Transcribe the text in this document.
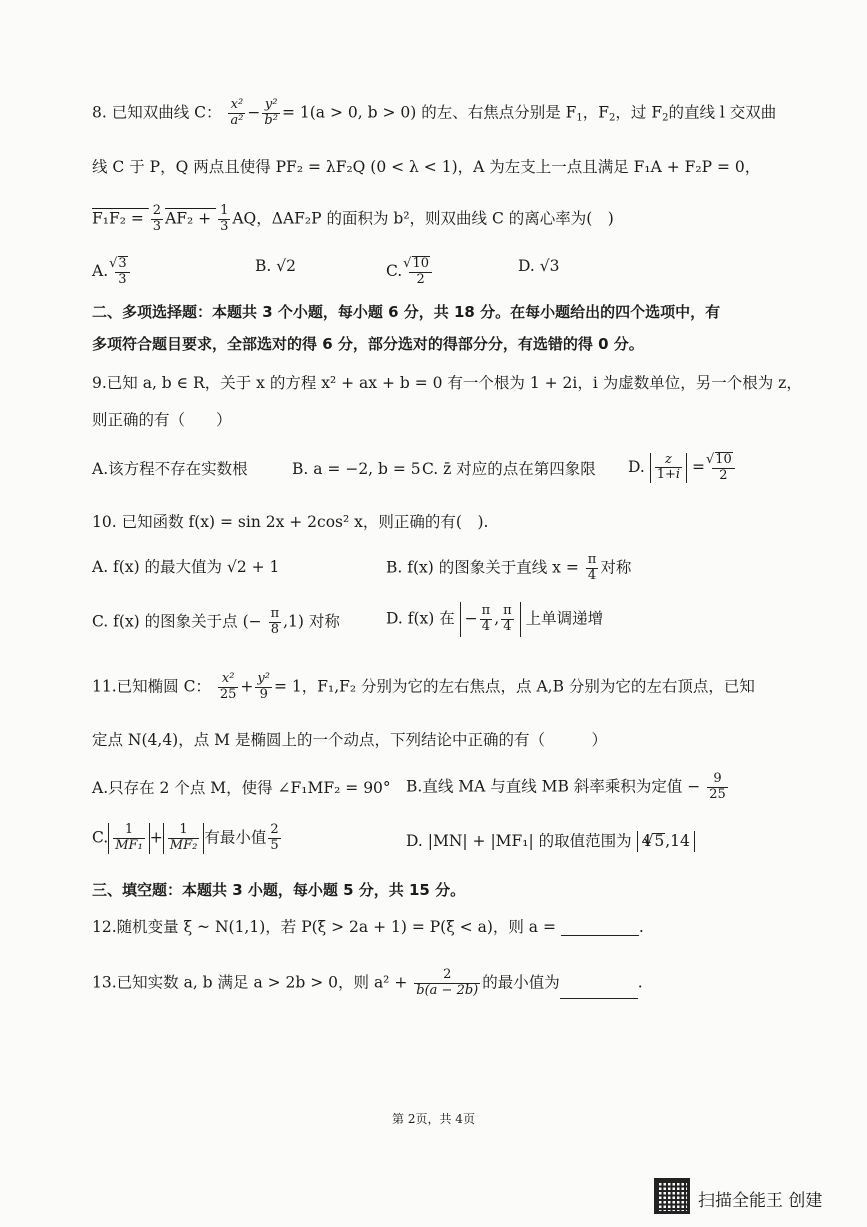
8. 已知双曲线 C： $\frac{\text{x²}}{\text{a²}} - \frac{\text{y²}}{\text{b²}} = 1(a > 0$, b > 0) 的左、右焦点分别是 $F_1$，$F_2$，过 $F_2$的直线 l 交双曲
线 C 于 P，Q 两点且使得 PF₂ = λF₂Q (0 < λ < 1)，A 为左支上一点且满足 F₁A + F₂P = 0，
$F_1F_2 = \frac{2}{3} AF_2 + \frac{1}{3}$ AQ，ΔAF₂P 的面积为 b²，则双曲线 C 的离心率为(　)
A. √ $\frac{3}{3}$	B. √2	C. √ $\frac{10}{2}$	D. √3
二、多项选择题：本题共 3 个小题，每小题 6 分，共 18 分。在每小题给出的四个选项中，有
多项符合题目要求，全部选对的得 6 分，部分选对的得部分分，有选错的得 0 分。
9.已知 a, b ∈ R，关于 x 的方程 x² + ax + b = 0 有一个根为 1 + 2i，i 为虚数单位，另一个根为 z，
则正确的有（　　）
A.该方程不存在实数根	B. a = −2, b = 5 C. z̄ 对应的点在第四象限 D. $\frac{z}{1+i}$ = √ $\frac{10}{2}$
10. 已知函数 f(x) = sin 2x + 2cos² x，则正确的有(　).
A. f(x) 的最大值为 √2 + 1	B. f(x) 的图象关于直线 $x = \frac{\pi}{4}$ 对称
C. f(x) 的图象关于点 (− $\frac{\pi}{8} ,1$) 对称	D. f(x) 在 − $\frac{\pi}{4}$ , $\frac{\pi}{4}$ 上单调递增
11.已知椭圆 C： $\frac{\text{x²}}{25} + \frac{\text{y²}}{9} = 1$，F₁,F₂ 分别为它的左右焦点，点 A,B 分别为它的左右顶点，已知
定点 N(4,4)，点 M 是椭圆上的一个动点，下列结论中正确的有（　　　）
A.只存在 2 个点 M，使得 ∠F₁MF₂ = 90° B.直线 MA 与直线 MB 斜率乘积为定值 − $\frac{9}{25}$
C. $\frac{1}{\text{MF₁}} + \frac{1}{\text{MF₂}}$ 有最小值 $\frac{2}{5}$	D. |MN| + |MF₁| 的取值范围为 4 √ 5,14
三、填空题：本题共 3 小题，每小题 5 分，共 15 分。
12.随机变量 ξ ~ N(1,1)，若 P(ξ > 2a + 1) = P(ξ < a)，则 a =	.
13.已知实数 a, b 满足 a > 2b > 0，则 $a^2 + \frac{2}{b(a - 2b)}$ 的最小值为	.
第 2页，共 4页
扫描全能王 创建
